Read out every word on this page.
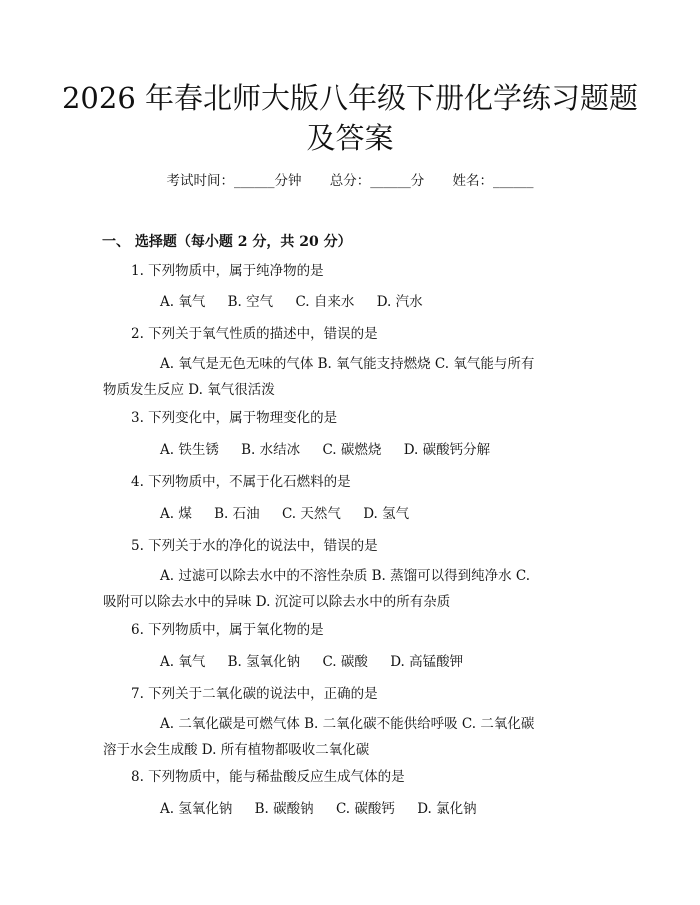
2026 年春北师大版八年级下册化学练习题题
及答案
考试时间：______分钟 总分：______分 姓名：______
一、 选择题（每小题 2 分，共 20 分）
1. 下列物质中，属于纯净物的是
A. 氧气 B. 空气 C. 自来水 D. 汽水
2. 下列关于氧气性质的描述中，错误的是
A. 氧气是无色无味的气体 B. 氧气能支持燃烧 C. 氧气能与所有
物质发生反应 D. 氧气很活泼
3. 下列变化中，属于物理变化的是
A. 铁生锈 B. 水结冰 C. 碳燃烧 D. 碳酸钙分解
4. 下列物质中，不属于化石燃料的是
A. 煤 B. 石油 C. 天然气 D. 氢气
5. 下列关于水的净化的说法中，错误的是
A. 过滤可以除去水中的不溶性杂质 B. 蒸馏可以得到纯净水 C.
吸附可以除去水中的异味 D. 沉淀可以除去水中的所有杂质
6. 下列物质中，属于氧化物的是
A. 氧气 B. 氢氧化钠 C. 碳酸 D. 高锰酸钾
7. 下列关于二氧化碳的说法中，正确的是
A. 二氧化碳是可燃气体 B. 二氧化碳不能供给呼吸 C. 二氧化碳
溶于水会生成酸 D. 所有植物都吸收二氧化碳
8. 下列物质中，能与稀盐酸反应生成气体的是
A. 氢氧化钠 B. 碳酸钠 C. 碳酸钙 D. 氯化钠
